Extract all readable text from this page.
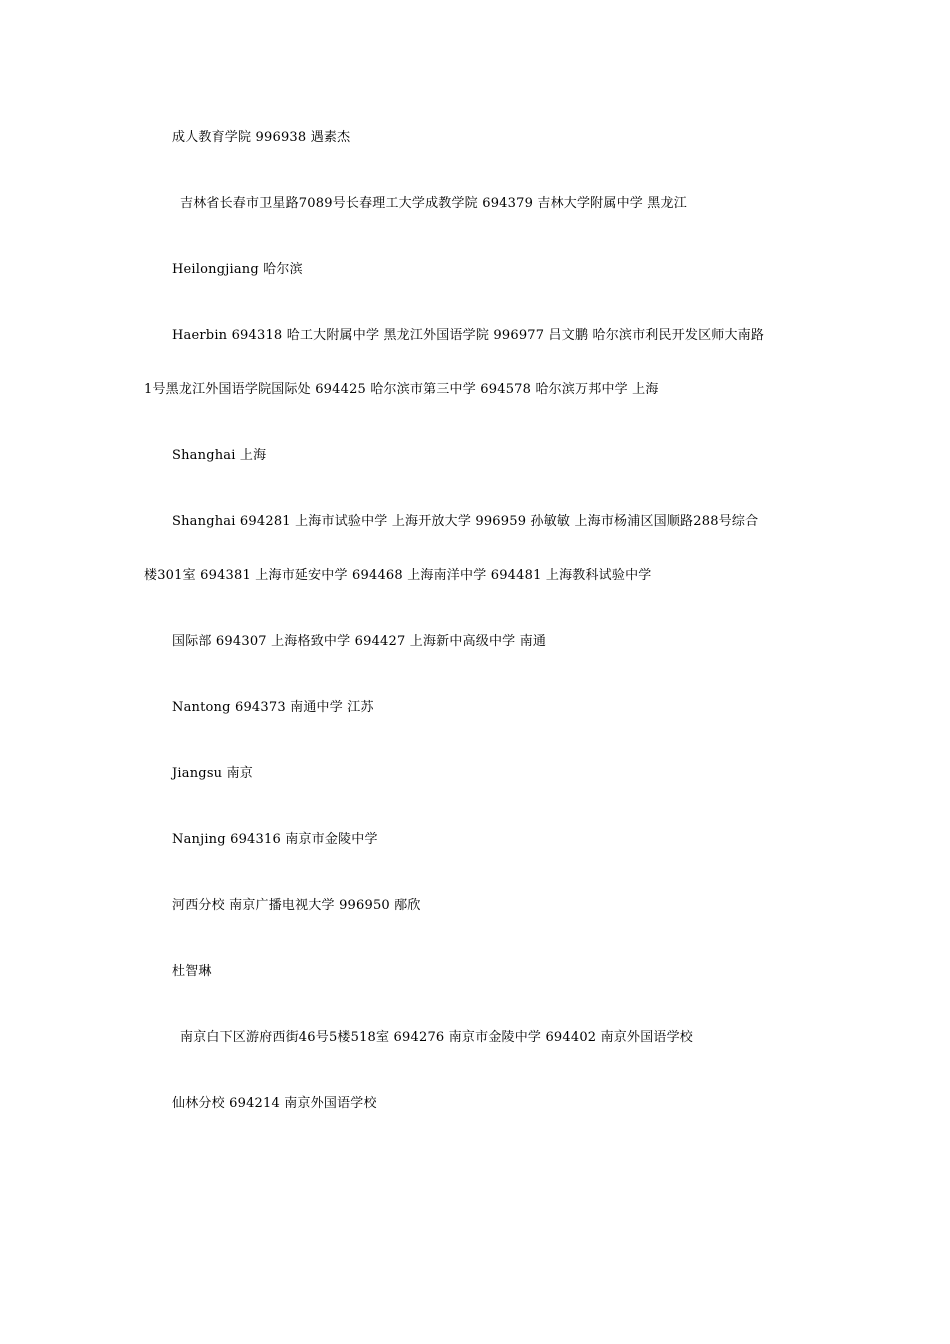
成人教育学院 996938 遇素杰
吉林省长春市卫星路7089号长春理工大学成教学院 694379 吉林大学附属中学 黑龙江
Heilongjiang 哈尔滨
Haerbin 694318 哈工大附属中学 黑龙江外国语学院 996977 吕文鹏 哈尔滨市利民开发区师大南路
1号黑龙江外国语学院国际处 694425 哈尔滨市第三中学 694578 哈尔滨万邦中学 上海
Shanghai 上海
Shanghai 694281 上海市试验中学 上海开放大学 996959 孙敏敏 上海市杨浦区国顺路288号综合
楼301室 694381 上海市延安中学 694468 上海南洋中学 694481 上海教科试验中学
国际部 694307 上海格致中学 694427 上海新中高级中学 南通
Nantong 694373 南通中学 江苏
Jiangsu 南京
Nanjing 694316 南京市金陵中学
河西分校 南京广播电视大学 996950 邴欣
杜智琳
南京白下区游府西街46号5楼518室 694276 南京市金陵中学 694402 南京外国语学校
仙林分校 694214 南京外国语学校
